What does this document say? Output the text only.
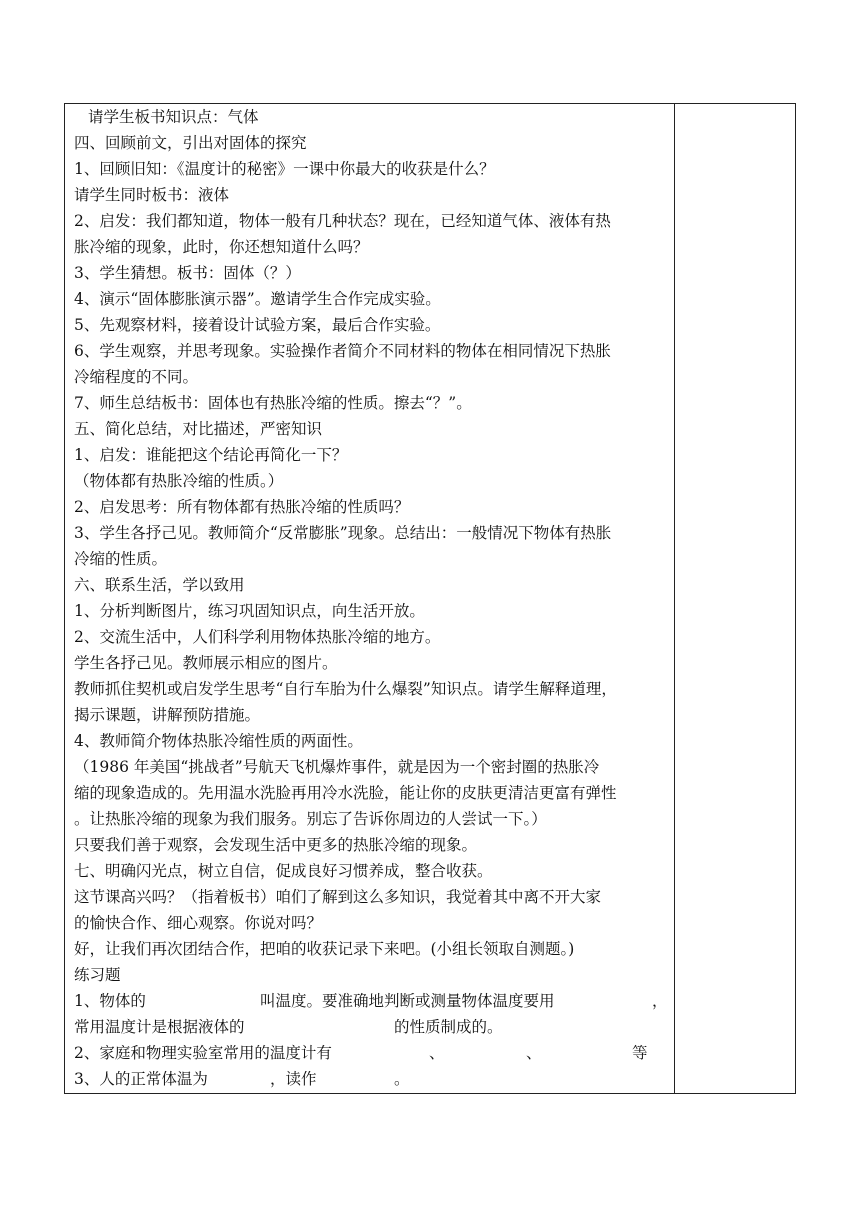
请学生板书知识点：气体
四、回顾前文，引出对固体的探究
1、回顾旧知：《温度计的秘密》一课中你最大的收获是什么？
请学生同时板书：液体
2、启发：我们都知道，物体一般有几种状态？现在，已经知道气体、液体有热
胀冷缩的现象，此时，你还想知道什么吗？
3、学生猜想。板书：固体（？）
4、演示“固体膨胀演示器”。邀请学生合作完成实验。
5、先观察材料，接着设计试验方案，最后合作实验。
6、学生观察，并思考现象。实验操作者简介不同材料的物体在相同情况下热胀
冷缩程度的不同。
7、师生总结板书：固体也有热胀冷缩的性质。擦去“？”。
五、简化总结，对比描述，严密知识
1、启发：谁能把这个结论再简化一下？
（物体都有热胀冷缩的性质。）
2、启发思考：所有物体都有热胀冷缩的性质吗？
3、学生各抒己见。教师简介“反常膨胀”现象。总结出：一般情况下物体有热胀
冷缩的性质。
六、联系生活，学以致用
1、分析判断图片，练习巩固知识点，向生活开放。
2、交流生活中，人们科学利用物体热胀冷缩的地方。
学生各抒己见。教师展示相应的图片。
教师抓住契机或启发学生思考“自行车胎为什么爆裂”知识点。请学生解释道理，
揭示课题，讲解预防措施。
4、教师简介物体热胀冷缩性质的两面性。
（1986 年美国“挑战者”号航天飞机爆炸事件，就是因为一个密封圈的热胀冷
缩的现象造成的。先用温水洗脸再用冷水洗脸，能让你的皮肤更清洁更富有弹性
。让热胀冷缩的现象为我们服务。别忘了告诉你周边的人尝试一下。）
只要我们善于观察，会发现生活中更多的热胀冷缩的现象。
七、明确闪光点，树立自信，促成良好习惯养成，整合收获。
这节课高兴吗？（指着板书）咱们了解到这么多知识，我觉着其中离不开大家
的愉快合作、细心观察。你说对吗？
好，让我们再次团结合作，把咱的收获记录下来吧。(小组长领取自测题。)
练习题
1、物体的	叫温度。要准确地判断或测量物体温度要用	，
常用温度计是根据液体的	的性质制成的。
2、家庭和物理实验室常用的温度计有	、	、	等
3、人的正常体温为	，读作	。
